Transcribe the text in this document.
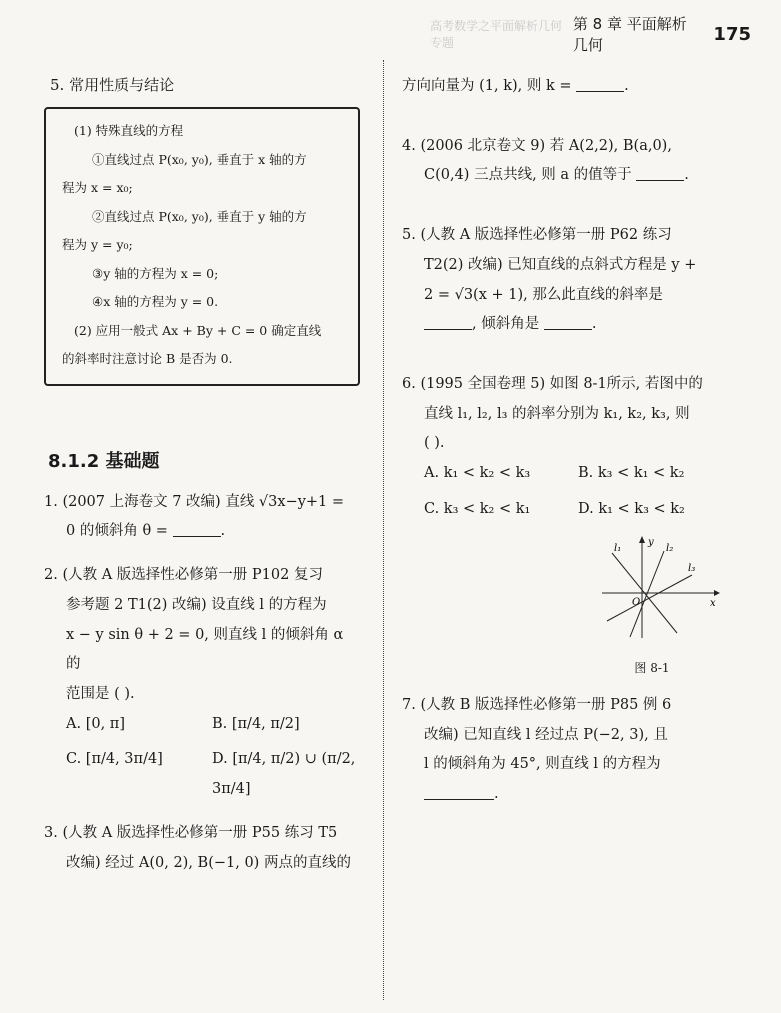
高考数学之平面解析几何专题
第 8 章 平面解析几何
175
5. 常用性质与结论
(1) 特殊直线的方程
①直线过点 P(x₀, y₀), 垂直于 x 轴的方
程为 x = x₀;
②直线过点 P(x₀, y₀), 垂直于 y 轴的方
程为 y = y₀;
③y 轴的方程为 x = 0;
④x 轴的方程为 y = 0.
(2) 应用一般式 Ax + By + C = 0 确定直线
的斜率时注意讨论 B 是否为 0.
8.1.2 基础题
1. (2007 上海卷文 7 改编) 直线 √3x−y+1 =
0 的倾斜角 θ =	.
2. (人教 A 版选择性必修第一册 P102 复习
参考题 2 T1(2) 改编) 设直线 l 的方程为
x − y sin θ + 2 = 0, 则直线 l 的倾斜角 α 的
范围是 ( ).
A. [0, π]	B. [π/4, π/2]
C. [π/4, 3π/4]	D. [π/4, π/2) ∪ (π/2, 3π/4]
3. (人教 A 版选择性必修第一册 P55 练习 T5
改编) 经过 A(0, 2), B(−1, 0) 两点的直线的
方向向量为 (1, k), 则 k =	.
4. (2006 北京卷文 9) 若 A(2,2), B(a,0),
C(0,4) 三点共线, 则 a 的值等于	.
5. (人教 A 版选择性必修第一册 P62 练习
T2(2) 改编) 已知直线的点斜式方程是 y +
2 = √3(x + 1), 那么此直线的斜率是
, 倾斜角是	.
6. (1995 全国卷理 5) 如图 8-1所示, 若图中的
直线 l₁, l₂, l₃ 的斜率分别为 k₁, k₂, k₃, 则
( ).
A. k₁ < k₂ < k₃	B. k₃ < k₁ < k₂
C. k₃ < k₂ < k₁	D. k₁ < k₃ < k₂
y
x
O
l₁	l₂
l₃
图 8-1
7. (人教 B 版选择性必修第一册 P85 例 6
改编) 已知直线 l 经过点 P(−2, 3), 且
l 的倾斜角为 45°, 则直线 l 的方程为
.
